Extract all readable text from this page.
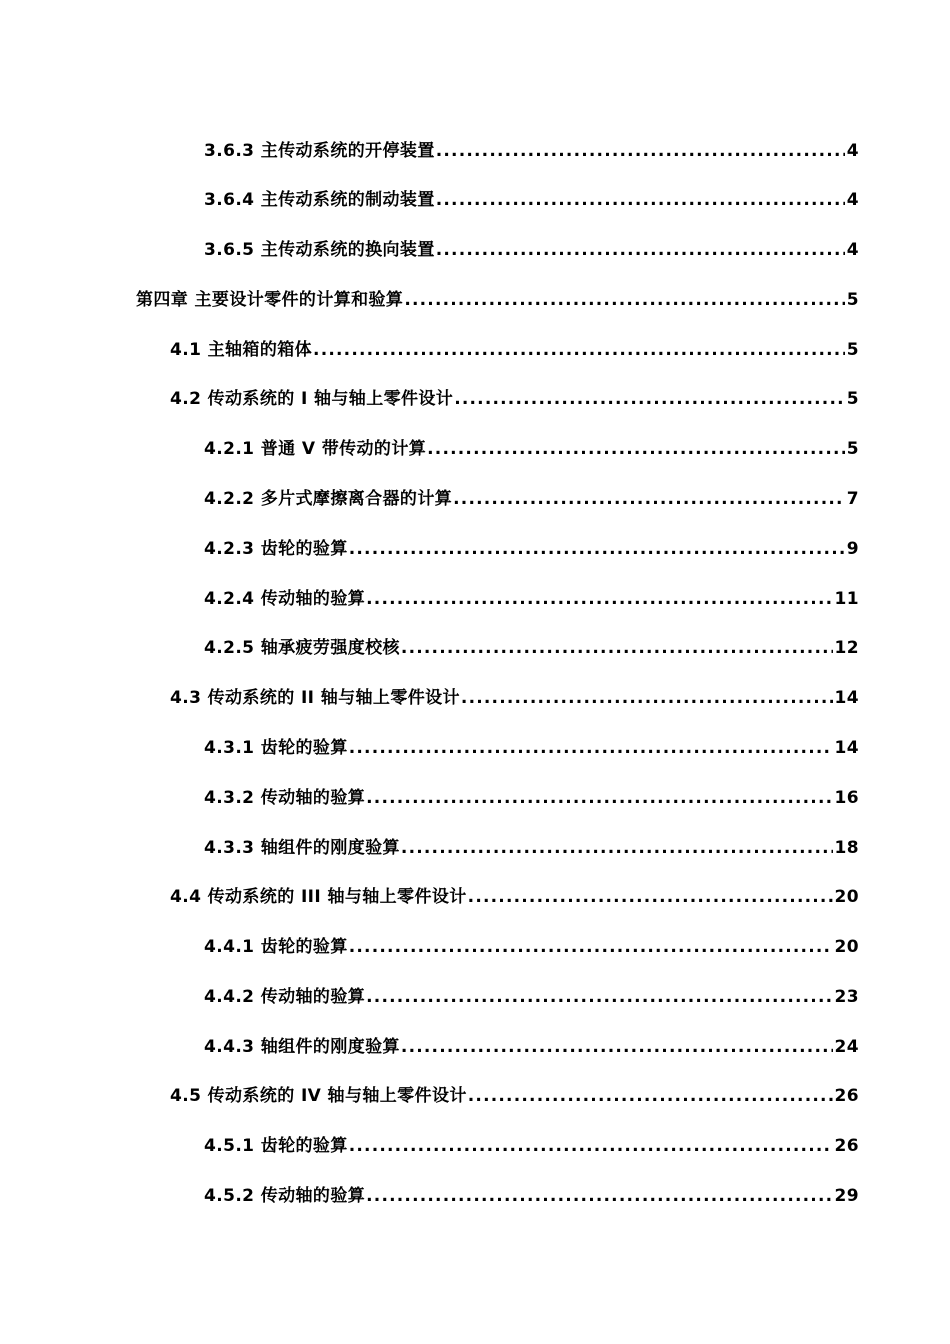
3.6.3 主传动系统的开停装置 .....	4
3.6.4 主传动系统的制动装置 .....	4
3.6.5 主传动系统的换向装置 .....	4
第四章 主要设计零件的计算和验算 .....	5
4.1 主轴箱的箱体 .....	5
4.2 传动系统的 I 轴与轴上零件设计 .....	5
4.2.1 普通 V 带传动的计算 .....	5
4.2.2 多片式摩擦离合器的计算 .....	7
4.2.3 齿轮的验算 .....	9
4.2.4 传动轴的验算 .....	11
4.2.5 轴承疲劳强度校核 .....	12
4.3 传动系统的 II 轴与轴上零件设计 .....	14
4.3.1 齿轮的验算 .....	14
4.3.2 传动轴的验算 .....	16
4.3.3 轴组件的刚度验算 .....	18
4.4 传动系统的 III 轴与轴上零件设计 .....	20
4.4.1 齿轮的验算 .....	20
4.4.2 传动轴的验算 .....	23
4.4.3 轴组件的刚度验算 .....	24
4.5 传动系统的 IV 轴与轴上零件设计 .....	26
4.5.1 齿轮的验算 .....	26
4.5.2 传动轴的验算 .....	29
